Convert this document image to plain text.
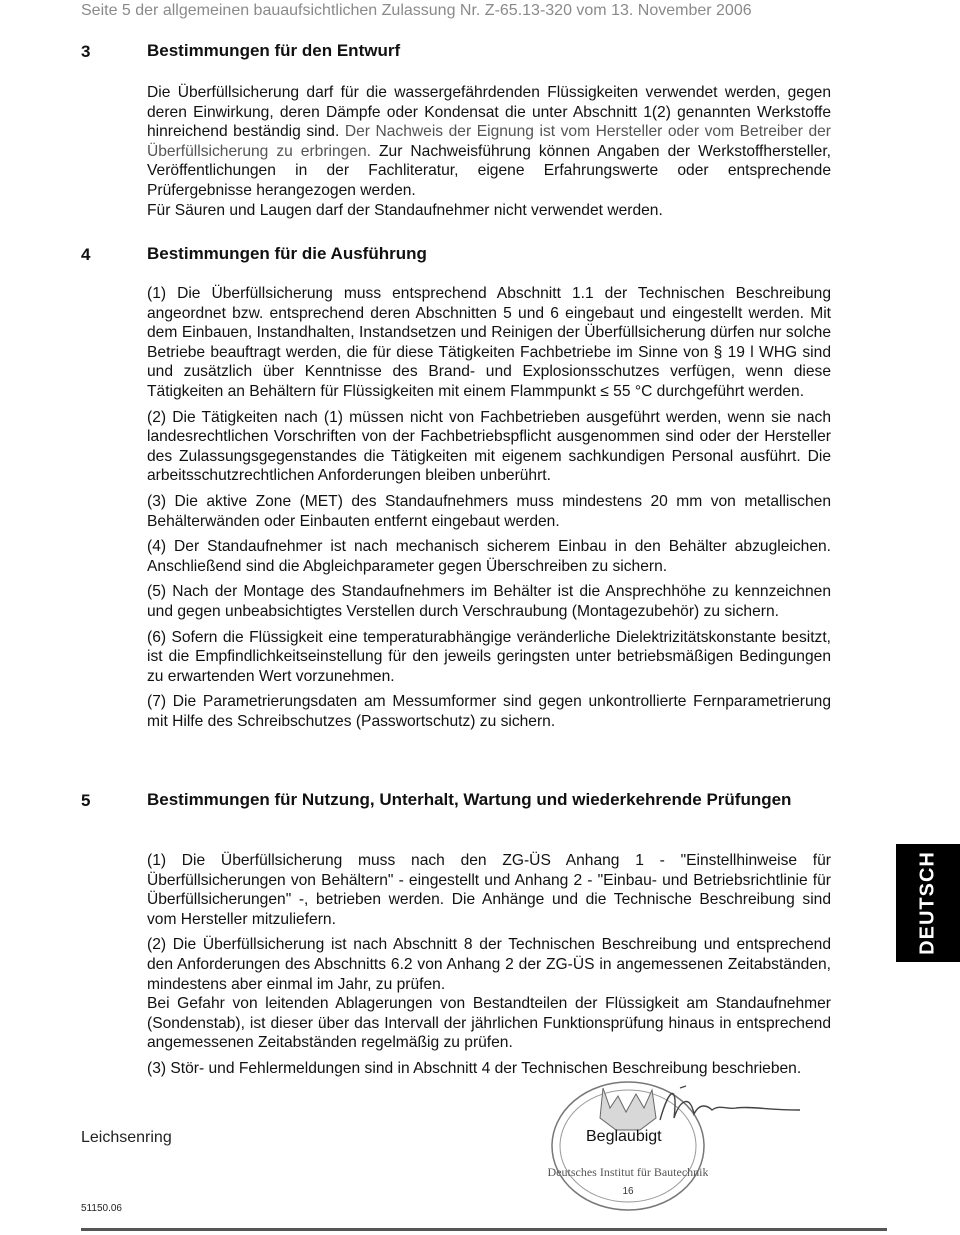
Seite 5 der allgemeinen bauaufsichtlichen Zulassung Nr. Z-65.13-320 vom 13. November 2006
3	Bestimmungen für den Entwurf

Die Überfüllsicherung darf für die wassergefährdenden Flüssigkeiten verwendet werden, gegen deren Einwirkung, deren Dämpfe oder Kondensat die unter Abschnitt 1(2) genannten Werkstoffe hinreichend beständig sind. Der Nachweis der Eignung ist vom Hersteller oder vom Betreiber der Überfüllsicherung zu erbringen. Zur Nachweisführung können Angaben der Werkstoffhersteller, Veröffentlichungen in der Fachliteratur, eigene Erfahrungswerte oder entsprechende Prüfergebnisse herangezogen werden.

Für Säuren und Laugen darf der Standaufnehmer nicht verwendet werden.

4	Bestimmungen für die Ausführung

(1) Die Überfüllsicherung muss entsprechend Abschnitt 1.1 der Technischen Beschreibung angeordnet bzw. entsprechend deren Abschnitten 5 und 6 eingebaut und eingestellt werden. Mit dem Einbauen, Instandhalten, Instandsetzen und Reinigen der Überfüllsicherung dürfen nur solche Betriebe beauftragt werden, die für diese Tätigkeiten Fachbetriebe im Sinne von § 19 l WHG sind und zusätzlich über Kenntnisse des Brand- und Explosionsschutzes verfügen, wenn diese Tätigkeiten an Behältern für Flüssigkeiten mit einem Flammpunkt ≤ 55 °C durchgeführt werden.

(2) Die Tätigkeiten nach (1) müssen nicht von Fachbetrieben ausgeführt werden, wenn sie nach landesrechtlichen Vorschriften von der Fachbetriebspflicht ausgenommen sind oder der Hersteller des Zulassungsgegenstandes die Tätigkeiten mit eigenem sachkundigen Personal ausführt. Die arbeitsschutzrechtlichen Anforderungen bleiben unberührt.

(3) Die aktive Zone (MET) des Standaufnehmers muss mindestens 20 mm von metallischen Behälterwänden oder Einbauten entfernt eingebaut werden.

(4) Der Standaufnehmer ist nach mechanisch sicherem Einbau in den Behälter abzugleichen. Anschließend sind die Abgleichparameter gegen Überschreiben zu sichern.

(5) Nach der Montage des Standaufnehmers im Behälter ist die Ansprechhöhe zu kennzeichnen und gegen unbeabsichtigtes Verstellen durch Verschraubung (Montagezubehör) zu sichern.

(6) Sofern die Flüssigkeit eine temperaturabhängige veränderliche Dielektrizitätskonstante besitzt, ist die Empfindlichkeitseinstellung für den jeweils geringsten unter betriebsmäßigen Bedingungen zu erwartenden Wert vorzunehmen.

(7) Die Parametrierungsdaten am Messumformer sind gegen unkontrollierte Fernparametrierung mit Hilfe des Schreibschutzes (Passwortschutz) zu sichern.

5	Bestimmungen für Nutzung, Unterhalt, Wartung und wiederkehrende Prüfungen

(1) Die Überfüllsicherung muss nach den ZG-ÜS Anhang 1 - "Einstellhinweise für Überfüllsicherungen von Behältern" - eingestellt und Anhang 2 - "Einbau- und Betriebsrichtlinie für Überfüllsicherungen" -, betrieben werden. Die Anhänge und die Technische Beschreibung sind vom Hersteller mitzuliefern.

(2) Die Überfüllsicherung ist nach Abschnitt 8 der Technischen Beschreibung und entsprechend den Anforderungen des Abschnitts 6.2 von Anhang 2 der ZG-ÜS in angemessenen Zeitabständen, mindestens aber einmal im Jahr, zu prüfen.

Bei Gefahr von leitenden Ablagerungen von Bestandteilen der Flüssigkeit am Standaufnehmer (Sondenstab), ist dieser über das Intervall der jährlichen Funktionsprüfung hinaus in entsprechend angemessenen Zeitabständen regelmäßig zu prüfen.

(3) Stör- und Fehlermeldungen sind in Abschnitt 4 der Technischen Beschreibung beschrieben.

DEUTSCH
Deutsches Institut für Bautechnik
16
Beglaubigt
Leichsenring
51150.06
